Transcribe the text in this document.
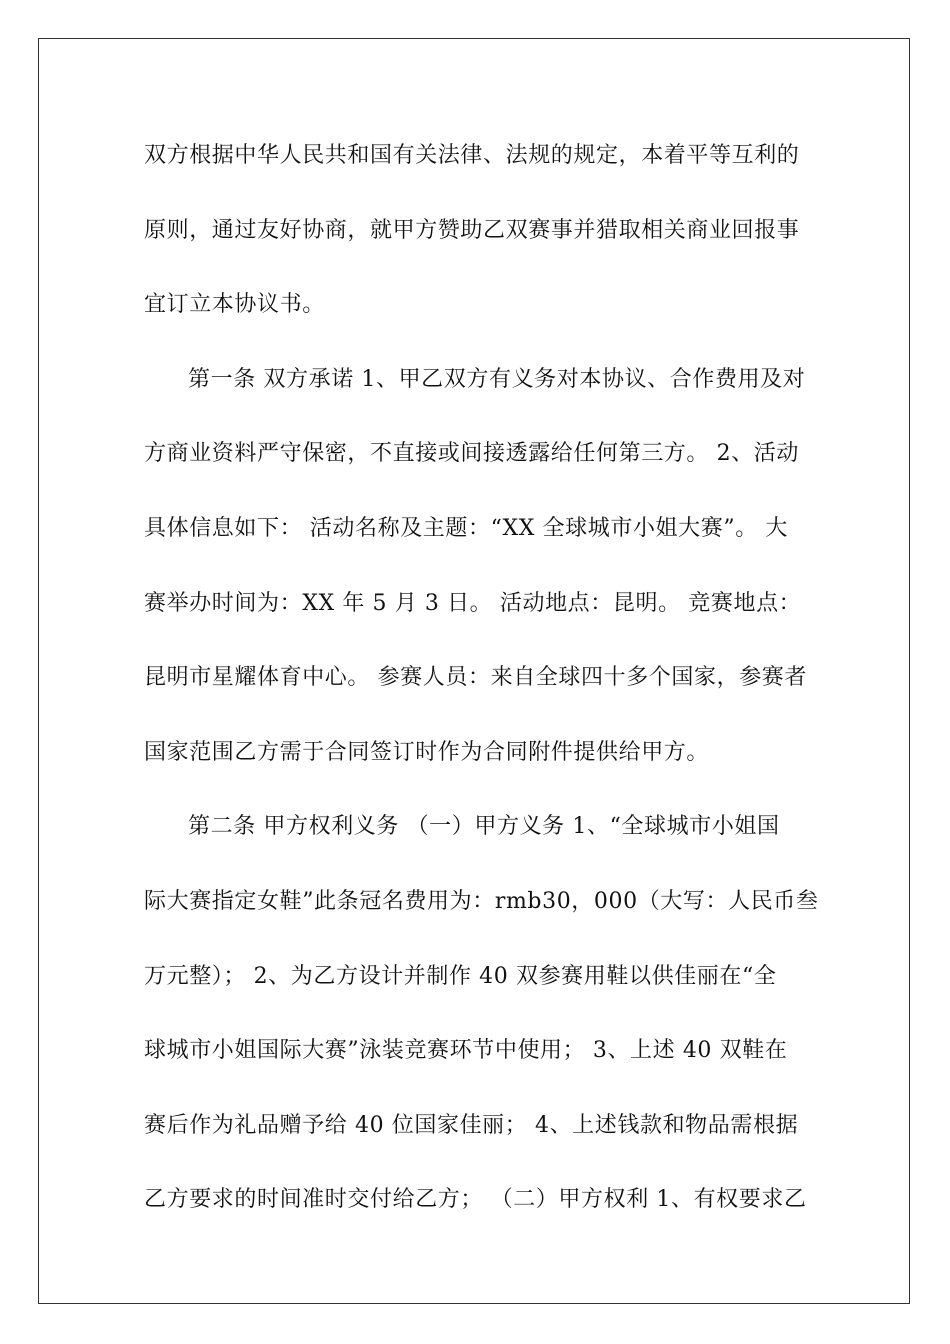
双方根据中华人民共和国有关法律、法规的规定，本着平等互利的
原则，通过友好协商，就甲方赞助乙双赛事并猎取相关商业回报事
宜订立本协议书。
第一条 双方承诺 1、甲乙双方有义务对本协议、合作费用及对
方商业资料严守保密，不直接或间接透露给任何第三方。 2、活动
具体信息如下： 活动名称及主题：“XX 全球城市小姐大赛”。 大
赛举办时间为：XX 年 5 月 3 日。 活动地点：昆明。 竞赛地点：
昆明市星耀体育中心。 参赛人员：来自全球四十多个国家，参赛者
国家范围乙方需于合同签订时作为合同附件提供给甲方。
第二条 甲方权利义务 （一）甲方义务 1、“全球城市小姐国
际大赛指定女鞋”此条冠名费用为：rmb30，000（大写：人民币叁
万元整）； 2、为乙方设计并制作 40 双参赛用鞋以供佳丽在“全
球城市小姐国际大赛”泳装竞赛环节中使用； 3、上述 40 双鞋在
赛后作为礼品赠予给 40 位国家佳丽； 4、上述钱款和物品需根据
乙方要求的时间准时交付给乙方； （二）甲方权利 1、有权要求乙
